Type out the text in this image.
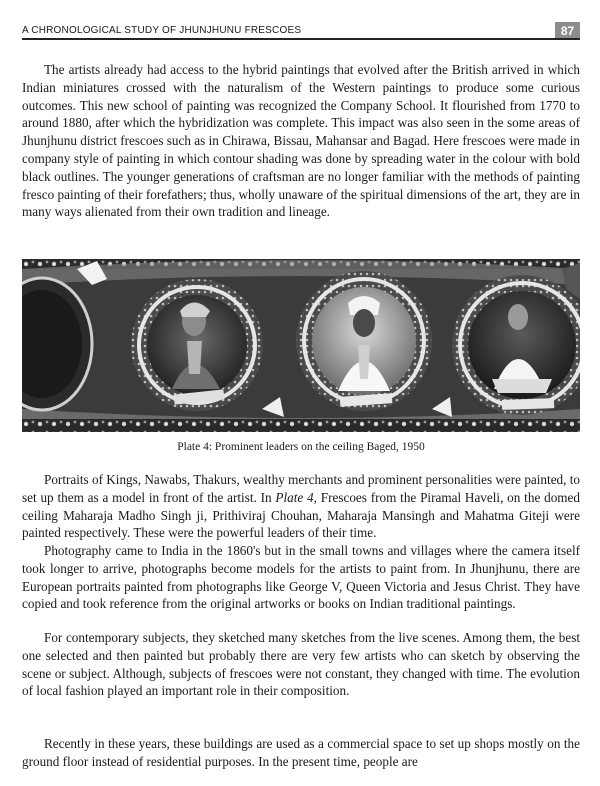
A CHRONOLOGICAL STUDY OF JHUNJHUNU FRESCOES	87

The artists already had access to the hybrid paintings that evolved after the British arrived in which Indian miniatures crossed with the naturalism of the Western paintings to produce some curious outcomes. This new school of painting was recognized the Company School. It flourished from 1770 to around 1880, after which the hybridization was complete. This impact was also seen in the some areas of Jhunjhunu district frescoes such as in Chirawa, Bissau, Mahansar and Bagad. Here frescoes were made in company style of painting in which contour shading was done by spreading water in the colour with bold black outlines. The younger generations of craftsman are no longer familiar with the methods of painting fresco painting of their forefathers; thus, wholly unaware of the spiritual dimensions of the art, they are in many ways alienated from their own tradition and lineage.

Plate 4: Prominent leaders on the ceiling Baged, 1950

Portraits of Kings, Nawabs, Thakurs, wealthy merchants and prominent personalities were painted, to set up them as a model in front of the artist. In Plate 4, Frescoes from the Piramal Haveli, on the domed ceiling Maharaja Madho Singh ji, Prithiviraj Chouhan, Maharaja Mansingh and Mahatma Giteji were painted respectively. These were the powerful leaders of their time.

Photography came to India in the 1860's but in the small towns and villages where the camera itself took longer to arrive, photographs become models for the artists to paint from. In Jhunjhunu, there are European portraits painted from photographs like George V, Queen Victoria and Jesus Christ. They have copied and took reference from the original artworks or books on Indian traditional paintings.

For contemporary subjects, they sketched many sketches from the live scenes. Among them, the best one selected and then painted but probably there are very few artists who can sketch by observing the scene or subject. Although, subjects of frescoes were not constant, they changed with time. The evolution of local fashion played an important role in their composition.

Recently in these years, these buildings are used as a commercial space to set up shops mostly on the ground floor instead of residential purposes. In the present time, people are
